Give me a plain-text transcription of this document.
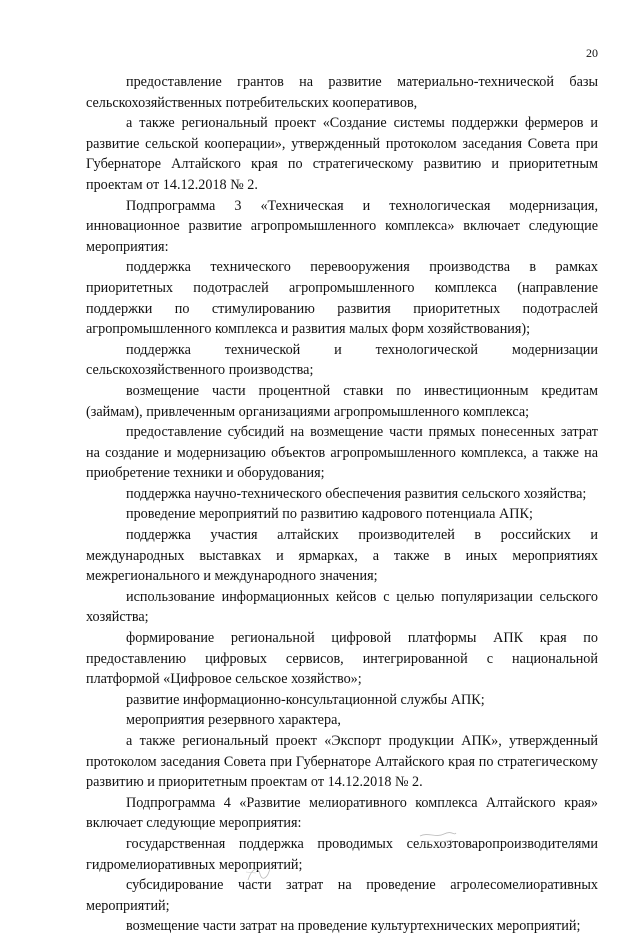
20

предоставление грантов на развитие материально-технической базы сельскохозяйственных потребительских кооперативов,

а также региональный проект «Создание системы поддержки фермеров и развитие сельской кооперации», утвержденный протоколом заседания Совета при Губернаторе Алтайского края по стратегическому развитию и приоритетным проектам от 14.12.2018 № 2.

Подпрограмма 3 «Техническая и технологическая модернизация, инновационное развитие агропромышленного комплекса» включает следующие мероприятия:

поддержка технического перевооружения производства в рамках приоритетных подотраслей агропромышленного комплекса (направление поддержки по стимулированию развития приоритетных подотраслей агропромышленного комплекса и развития малых форм хозяйствования);

поддержка технической и технологической модернизации сельскохозяйственного производства;

возмещение части процентной ставки по инвестиционным кредитам (займам), привлеченным организациями агропромышленного комплекса;

предоставление субсидий на возмещение части прямых понесенных затрат на создание и модернизацию объектов агропромышленного комплекса, а также на приобретение техники и оборудования;

поддержка научно-технического обеспечения развития сельского хозяйства;

проведение мероприятий по развитию кадрового потенциала АПК;

поддержка участия алтайских производителей в российских и международных выставках и ярмарках, а также в иных мероприятиях межрегионального и международного значения;

использование информационных кейсов с целью популяризации сельского хозяйства;

формирование региональной цифровой платформы АПК края по предоставлению цифровых сервисов, интегрированной с национальной платформой «Цифровое сельское хозяйство»;

развитие информационно-консультационной службы АПК;

мероприятия резервного характера,

а также региональный проект «Экспорт продукции АПК», утвержденный протоколом заседания Совета при Губернаторе Алтайского края по стратегическому развитию и приоритетным проектам от 14.12.2018 № 2.

Подпрограмма 4 «Развитие мелиоративного комплекса Алтайского края» включает следующие мероприятия:

государственная поддержка проводимых сельхозтоваропроизводителями гидромелиоративных мероприятий;

субсидирование части затрат на проведение агролесомелиоративных мероприятий;

возмещение части затрат на проведение культуртехнических мероприятий;
